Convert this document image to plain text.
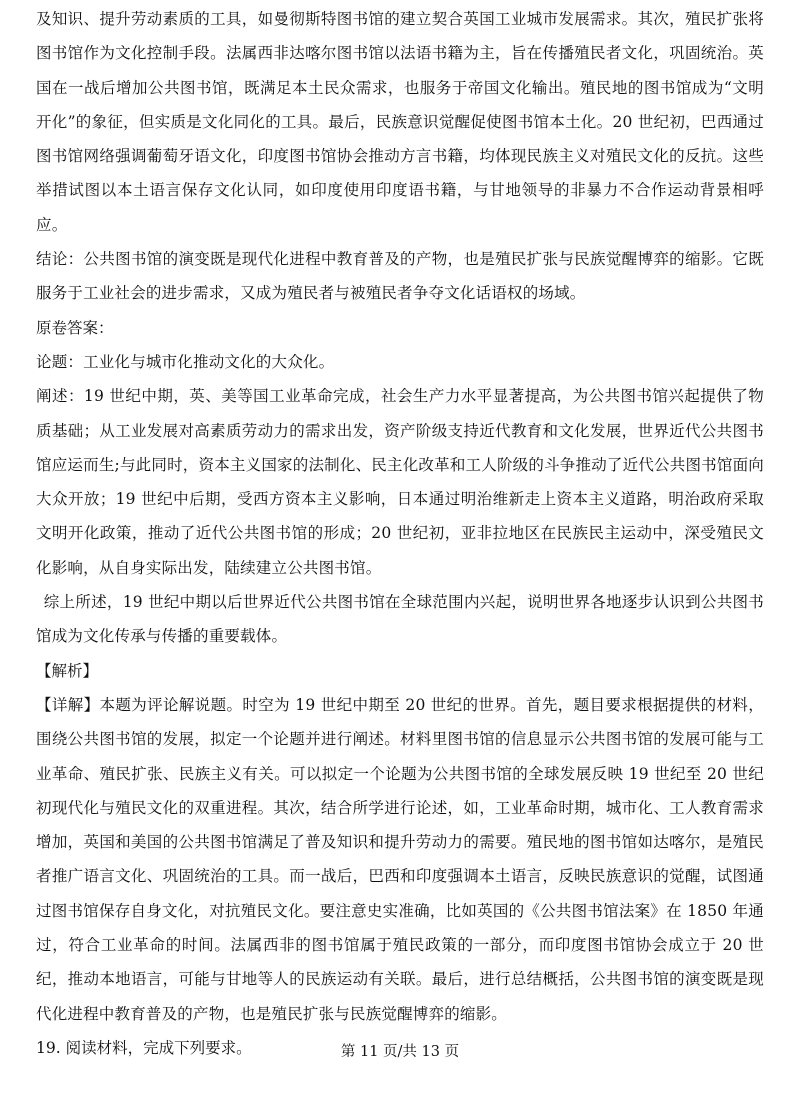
及知识、提升劳动素质的工具，如曼彻斯特图书馆的建立契合英国工业城市发展需求。其次，殖民扩张将图书馆作为文化控制手段。法属西非达喀尔图书馆以法语书籍为主，旨在传播殖民者文化，巩固统治。英国在一战后增加公共图书馆，既满足本土民众需求，也服务于帝国文化输出。殖民地的图书馆成为“文明开化”的象征，但实质是文化同化的工具。最后，民族意识觉醒促使图书馆本土化。20 世纪初，巴西通过图书馆网络强调葡萄牙语文化，印度图书馆协会推动方言书籍，均体现民族主义对殖民文化的反抗。这些举措试图以本土语言保存文化认同，如印度使用印度语书籍，与甘地领导的非暴力不合作运动背景相呼应。

结论：公共图书馆的演变既是现代化进程中教育普及的产物，也是殖民扩张与民族觉醒博弈的缩影。它既服务于工业社会的进步需求，又成为殖民者与被殖民者争夺文化话语权的场域。

原卷答案：

论题：工业化与城市化推动文化的大众化。

阐述：19 世纪中期，英、美等国工业革命完成，社会生产力水平显著提高，为公共图书馆兴起提供了物质基础；从工业发展对高素质劳动力的需求出发，资产阶级支持近代教育和文化发展，世界近代公共图书馆应运而生;与此同时，资本主义国家的法制化、民主化改革和工人阶级的斗争推动了近代公共图书馆面向大众开放；19 世纪中后期，受西方资本主义影响，日本通过明治维新走上资本主义道路，明治政府采取文明开化政策，推动了近代公共图书馆的形成；20 世纪初，亚非拉地区在民族民主运动中，深受殖民文化影响，从自身实际出发，陆续建立公共图书馆。

综上所述，19 世纪中期以后世界近代公共图书馆在全球范围内兴起，说明世界各地逐步认识到公共图书馆成为文化传承与传播的重要载体。

【解析】

【详解】本题为评论解说题。时空为 19 世纪中期至 20 世纪的世界。首先，题目要求根据提供的材料，围绕公共图书馆的发展，拟定一个论题并进行阐述。材料里图书馆的信息显示公共图书馆的发展可能与工业革命、殖民扩张、民族主义有关。可以拟定一个论题为公共图书馆的全球发展反映 19 世纪至 20 世纪初现代化与殖民文化的双重进程。其次，结合所学进行论述，如，工业革命时期，城市化、工人教育需求增加，英国和美国的公共图书馆满足了普及知识和提升劳动力的需要。殖民地的图书馆如达喀尔，是殖民者推广语言文化、巩固统治的工具。而一战后，巴西和印度强调本土语言，反映民族意识的觉醒，试图通过图书馆保存自身文化，对抗殖民文化。要注意史实准确，比如英国的《公共图书馆法案》在 1850 年通过，符合工业革命的时间。法属西非的图书馆属于殖民政策的一部分，而印度图书馆协会成立于 20 世纪，推动本地语言，可能与甘地等人的民族运动有关联。最后，进行总结概括，公共图书馆的演变既是现代化进程中教育普及的产物，也是殖民扩张与民族觉醒博弈的缩影。

19. 阅读材料，完成下列要求。	第 11 页/共 13 页
